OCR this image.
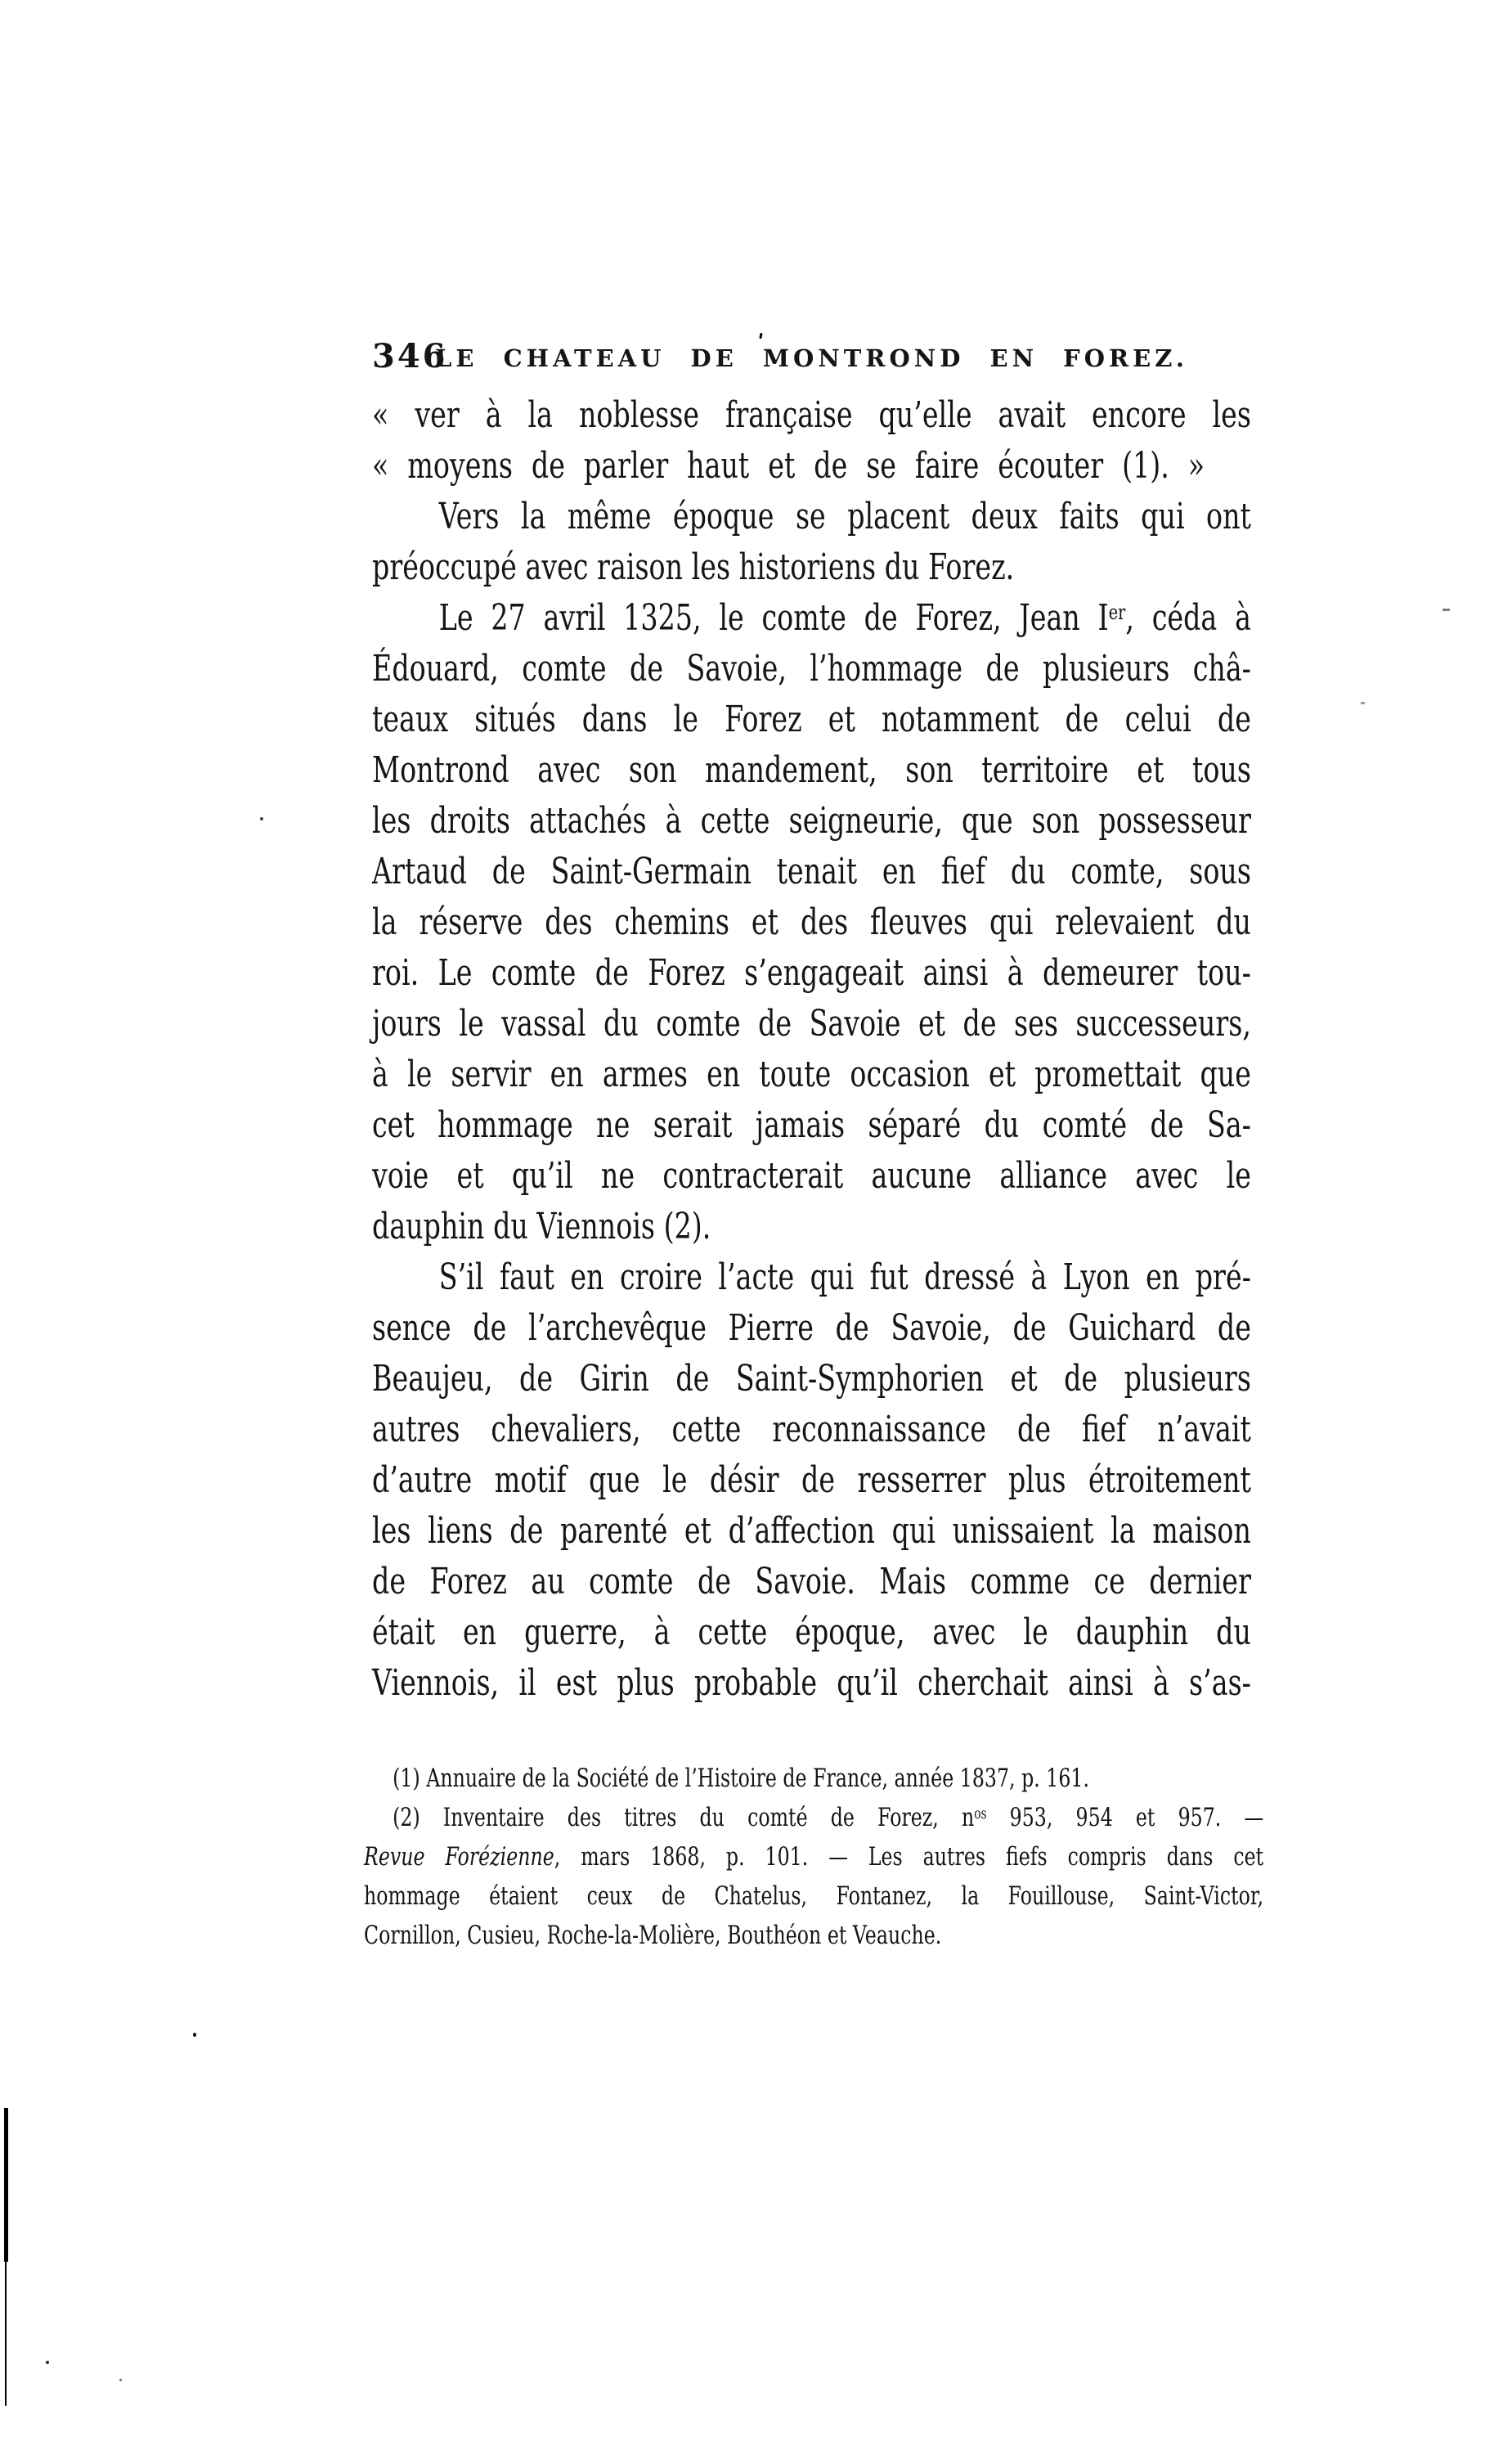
346
LE CHATEAU DE MONTROND EN FOREZ.
« ver à la noblesse française qu’elle avait encore les
« moyens de parler haut et de se faire écouter (1). »
Vers la même époque se placent deux faits qui ont
préoccupé avec raison les historiens du Forez.
Le 27 avril 1325, le comte de Forez, Jean Ier, céda à
Édouard, comte de Savoie, l’hommage de plusieurs châ-
teaux situés dans le Forez et notamment de celui de
Montrond avec son mandement, son territoire et tous
les droits attachés à cette seigneurie, que son possesseur
Artaud de Saint-Germain tenait en fief du comte, sous
la réserve des chemins et des fleuves qui relevaient du
roi. Le comte de Forez s’engageait ainsi à demeurer tou-
jours le vassal du comte de Savoie et de ses successeurs,
à le servir en armes en toute occasion et promettait que
cet hommage ne serait jamais séparé du comté de Sa-
voie et qu’il ne contracterait aucune alliance avec le
dauphin du Viennois (2).
S’il faut en croire l’acte qui fut dressé à Lyon en pré-
sence de l’archevêque Pierre de Savoie, de Guichard de
Beaujeu, de Girin de Saint-Symphorien et de plusieurs
autres chevaliers, cette reconnaissance de fief n’avait
d’autre motif que le désir de resserrer plus étroitement
les liens de parenté et d’affection qui unissaient la maison
de Forez au comte de Savoie. Mais comme ce dernier
était en guerre, à cette époque, avec le dauphin du
Viennois, il est plus probable qu’il cherchait ainsi à s’as-
(1) Annuaire de la Société de l’Histoire de France, année 1837, p. 161.
(2) Inventaire des titres du comté de Forez, $n^{os}$ 953, 954 et 957. —
Revue Forézienne, mars 1868, p. 101. — Les autres fiefs compris dans cet
hommage étaient ceux de Chatelus, Fontanez, la Fouillouse, Saint-Victor,
Cornillon, Cusieu, Roche-la-Molière, Bouthéon et Veauche.
